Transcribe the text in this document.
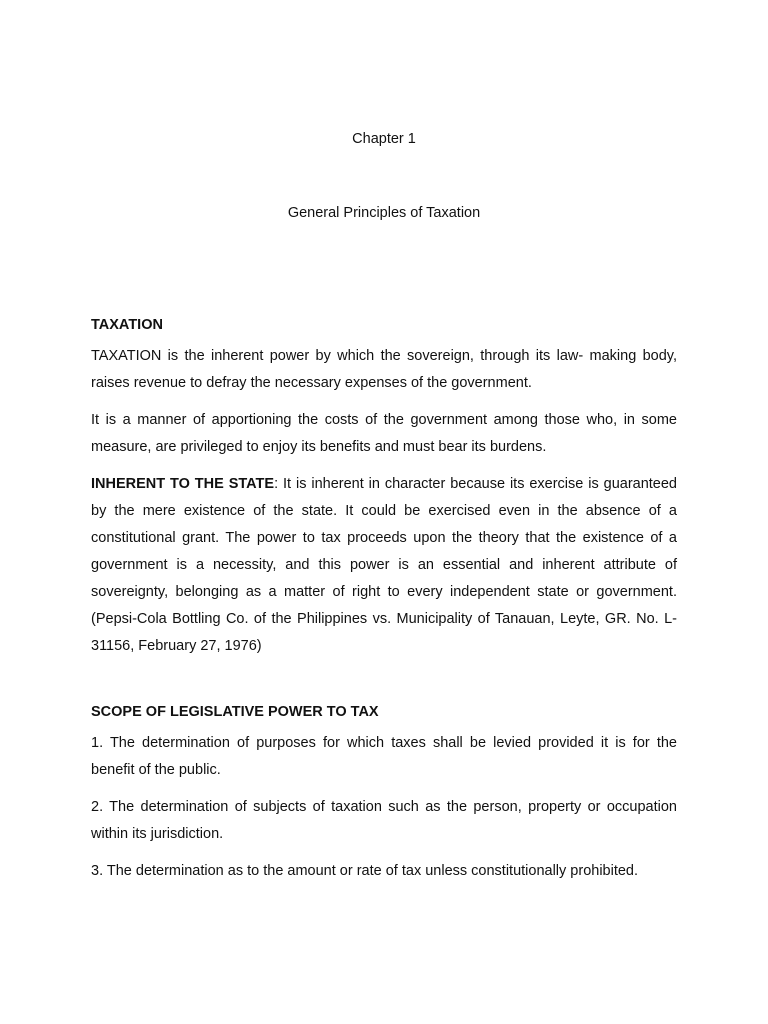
Chapter 1
General Principles of Taxation
TAXATION

TAXATION is the inherent power by which the sovereign, through its law- making body, raises revenue to defray the necessary expenses of the government.

It is a manner of apportioning the costs of the government among those who, in some measure, are privileged to enjoy its benefits and must bear its burdens.

INHERENT TO THE STATE: It is inherent in character because its exercise is guaranteed by the mere existence of the state. It could be exercised even in the absence of a constitutional grant. The power to tax proceeds upon the theory that the existence of a government is a necessity, and this power is an essential and inherent attribute of sovereignty, belonging as a matter of right to every independent state or government. (Pepsi-Cola Bottling Co. of the Philippines vs. Municipality of Tanauan, Leyte, GR. No. L-31156, February 27, 1976)

SCOPE OF LEGISLATIVE POWER TO TAX

1. The determination of purposes for which taxes shall be levied provided it is for the benefit of the public.

2. The determination of subjects of taxation such as the person, property or occupation within its jurisdiction.

3. The determination as to the amount or rate of tax unless constitutionally prohibited.
